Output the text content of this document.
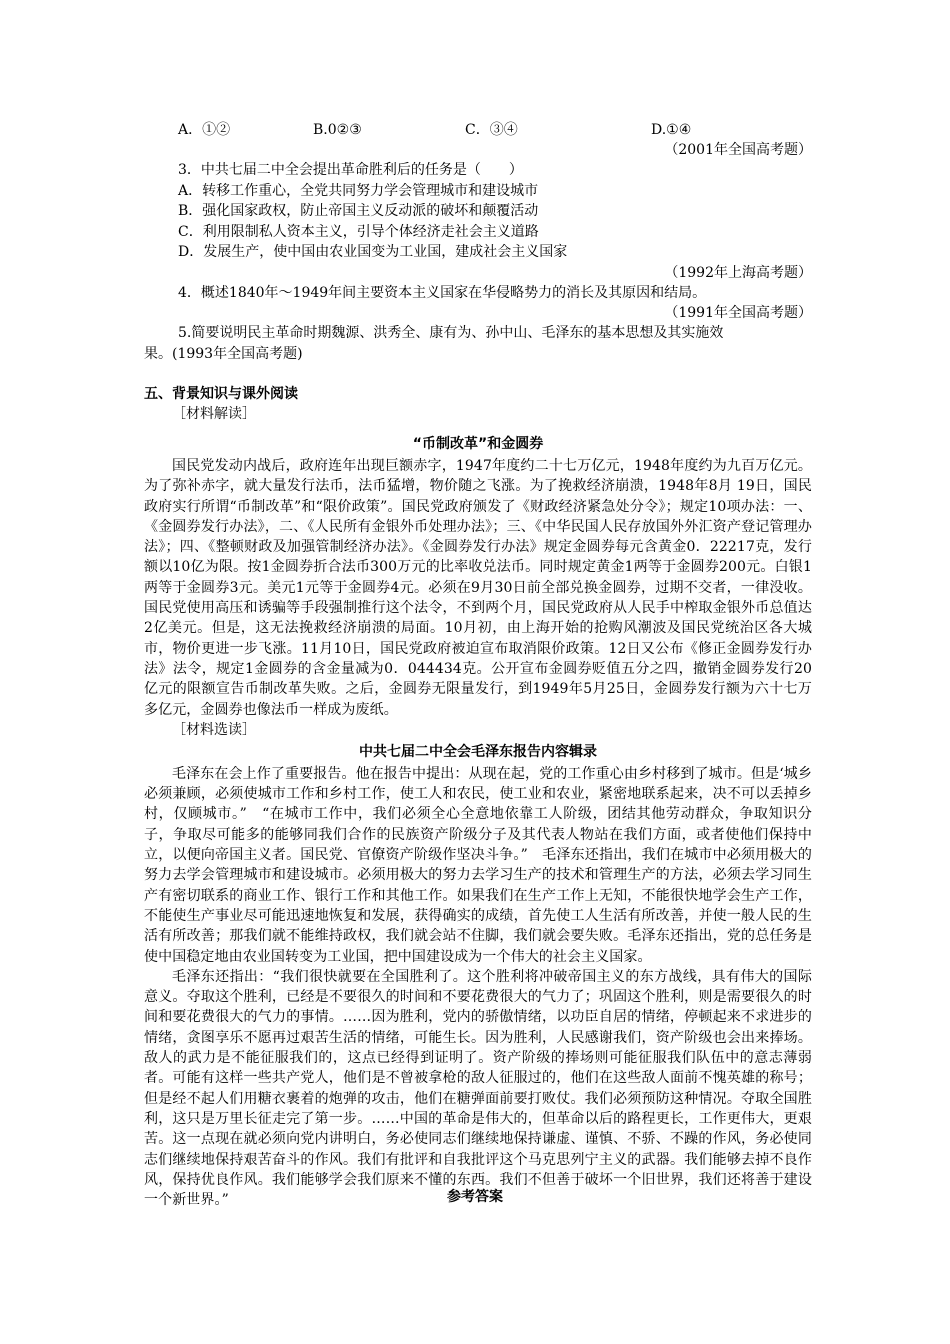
A．①②	B.0②③	C．③④	D.①④

（2001年全国高考题）

3．中共七届二中全会提出革命胜利后的任务是（　　）

A．转移工作重心，全党共同努力学会管理城市和建设城市

B．强化国家政权，防止帝国主义反动派的破坏和颠覆活动

C．利用限制私人资本主义，引导个体经济走社会主义道路

D．发展生产，使中国由农业国变为工业国，建成社会主义国家

（1992年上海高考题）

4．概述1840年～1949年间主要资本主义国家在华侵略势力的消长及其原因和结局。

（1991年全国高考题）

5.简要说明民主革命时期魏源、洪秀全、康有为、孙中山、毛泽东的基本思想及其实施效

果。(1993年全国高考题)

五、背景知识与课外阅读

［材料解读］

“币制改革”和金圆券

国民党发动内战后，政府连年出现巨额赤字，1947年度约二十七万亿元，1948年度约为九百万亿元。为了弥补赤字，就大量发行法币，法币猛增，物价随之飞涨。为了挽救经济崩溃，1948年8月 19日，国民政府实行所谓“币制改革”和“限价政策”。国民党政府颁发了《财政经济紧急处分令》；规定10项办法：一、《金圆券发行办法》，二、《人民所有金银外币处理办法》；三、《中华民国人民存放国外外汇资产登记管理办法》；四、《整顿财政及加强管制经济办法》。《金圆券发行办法》规定金圆券每元含黄金0．22217克，发行额以10亿为限。按1金圆券折合法币300万元的比率收兑法币。同时规定黄金1两等于金圆券200元。白银1两等于金圆券3元。美元1元等于金圆券4元。必须在9月30日前全部兑换金圆券，过期不交者，一律没收。国民党使用高压和诱骗等手段强制推行这个法令，不到两个月，国民党政府从人民手中榨取金银外币总值达2亿美元。但是，这无法挽救经济崩溃的局面。10月初，由上海开始的抢购风潮波及国民党统治区各大城市，物价更进一步飞涨。11月10日，国民党政府被迫宣布取消限价政策。12日又公布《修正金圆券发行办法》法令，规定1金圆券的含金量减为0．044434克。公开宣布金圆券贬值五分之四，撤销金圆券发行20亿元的限额宣告币制改革失败。之后，金圆券无限量发行，到1949年5月25日，金圆券发行额为六十七万多亿元，金圆券也像法币一样成为废纸。

［材料选读］

中共七届二中全会毛泽东报告内容辑录

毛泽东在会上作了重要报告。他在报告中提出：从现在起，党的工作重心由乡村移到了城市。但是‘城乡必须兼顾，必须使城市工作和乡村工作，使工人和农民，使工业和农业，紧密地联系起来，决不可以丢掉乡村，仅顾城市。”　“在城市工作中，我们必须全心全意地依靠工人阶级，团结其他劳动群众，争取知识分子，争取尽可能多的能够同我们合作的民族资产阶级分子及其代表人物站在我们方面，或者使他们保持中立，以便向帝国主义者。国民党、官僚资产阶级作坚决斗争。”　毛泽东还指出，我们在城市中必须用极大的努力去学会管理城市和建设城市。必须用极大的努力去学习生产的技术和管理生产的方法，必须去学习同生产有密切联系的商业工作、银行工作和其他工作。如果我们在生产工作上无知，不能很快地学会生产工作，不能使生产事业尽可能迅速地恢复和发展，获得确实的成绩，首先使工人生活有所改善，并使一般人民的生活有所改善；那我们就不能维持政权，我们就会站不住脚，我们就会要失败。毛泽东还指出，党的总任务是使中国稳定地由农业国转变为工业国，把中国建设成为一个伟大的社会主义国家。

毛泽东还指出：“我们很快就要在全国胜利了。这个胜利将冲破帝国主义的东方战线，具有伟大的国际意义。夺取这个胜利，已经是不要很久的时间和不要花费很大的气力了；巩固这个胜利，则是需要很久的时间和要花费很大的气力的事情。……因为胜利，党内的骄傲情绪，以功臣自居的情绪，停顿起来不求进步的情绪，贪图享乐不愿再过艰苦生活的情绪，可能生长。因为胜利，人民感谢我们，资产阶级也会出来捧场。敌人的武力是不能征服我们的，这点已经得到证明了。资产阶级的捧场则可能征服我们队伍中的意志薄弱者。可能有这样一些共产党人，他们是不曾被拿枪的敌人征服过的，他们在这些敌人面前不愧英雄的称号；但是经不起人们用糖衣裹着的炮弹的攻击，他们在糖弹面前要打败仗。我们必须预防这种情况。夺取全国胜利，这只是万里长征走完了第一步。……中国的革命是伟大的，但革命以后的路程更长，工作更伟大，更艰苦。这一点现在就必须向党内讲明白，务必使同志们继续地保持谦虚、谨慎、不骄、不躁的作风，务必使同志们继续地保持艰苦奋斗的作风。我们有批评和自我批评这个马克思列宁主义的武器。我们能够去掉不良作风，保持优良作风。我们能够学会我们原来不懂的东西。我们不但善于破坏一个旧世界，我们还将善于建设一个新世界。”	参考答案
